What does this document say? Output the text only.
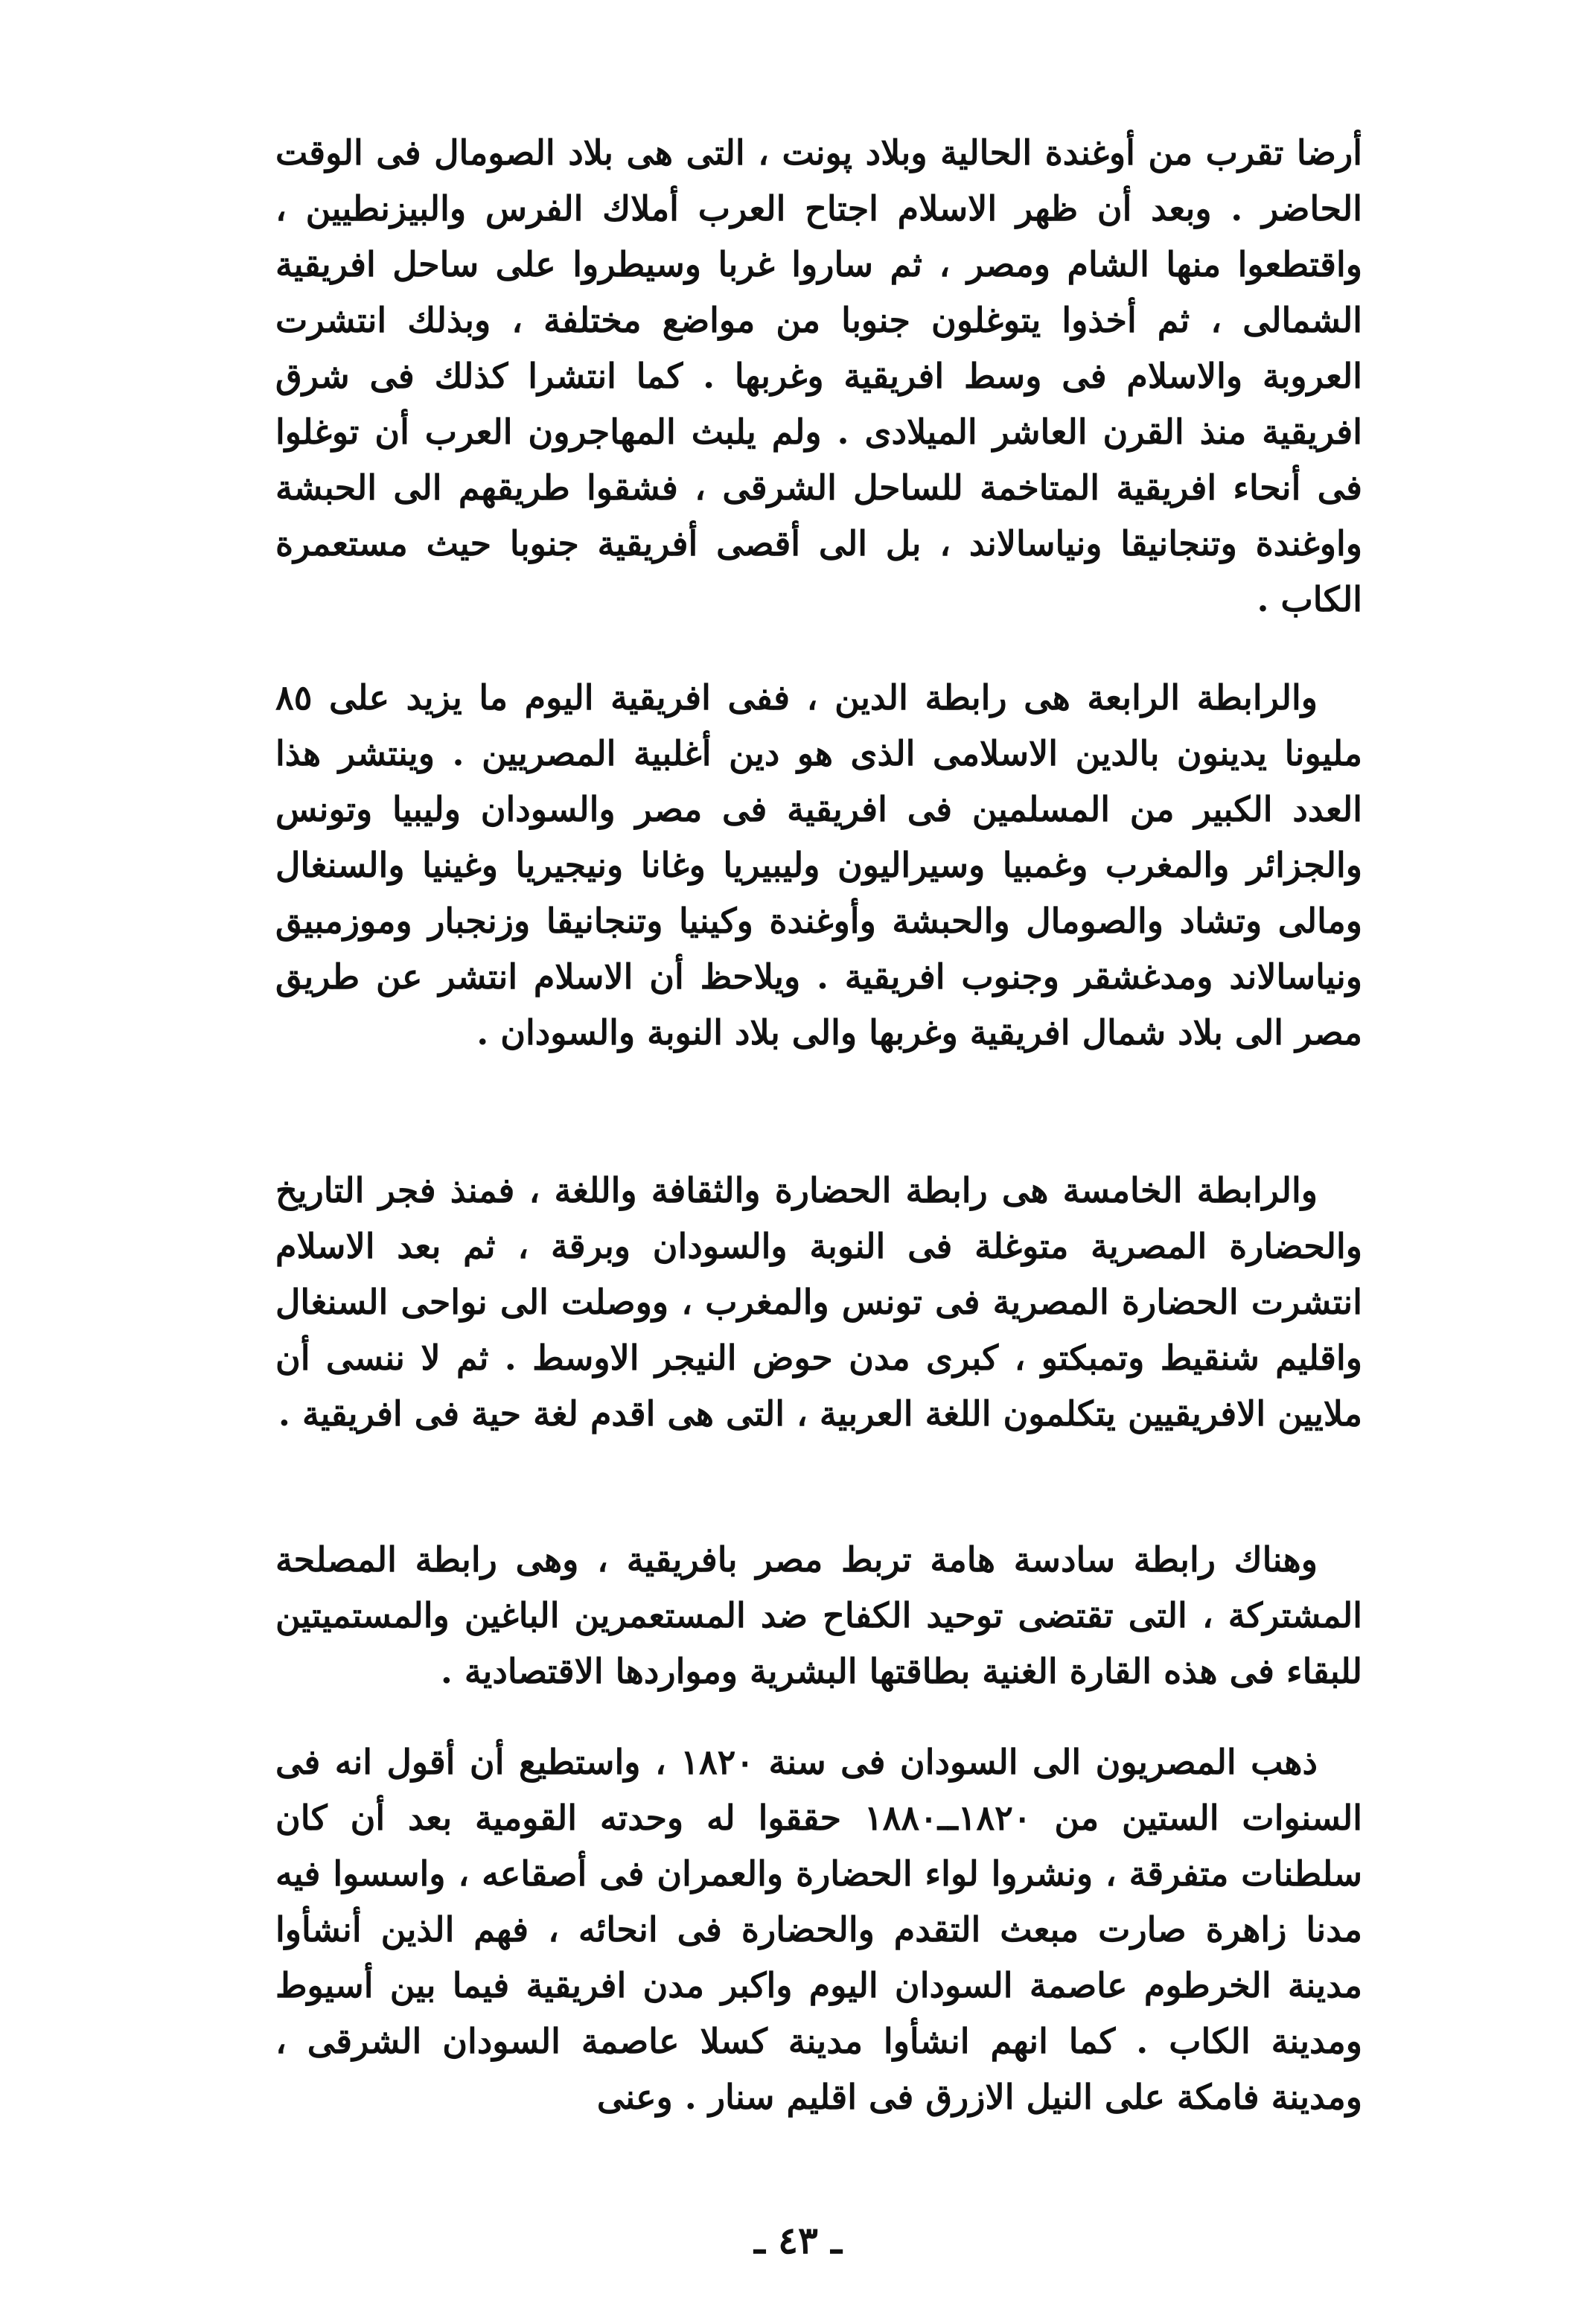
أرضا تقرب من أوغندة الحالية وبلاد پونت ، التى هى بلاد الصومال فى الوقت الحاضر . وبعد أن ظهر الاسلام اجتاح العرب أملاك الفرس والبيزنطيين ، واقتطعوا منها الشام ومصر ، ثم ساروا غربا وسيطروا على ساحل افريقية الشمالى ، ثم أخذوا يتوغلون جنوبا من مواضع مختلفة ، وبذلك انتشرت العروبة والاسلام فى وسط افريقية وغربها . كما انتشرا كذلك فى شرق افريقية منذ القرن العاشر الميلادى . ولم يلبث المهاجرون العرب أن توغلوا فى أنحاء افريقية المتاخمة للساحل الشرقى ، فشقوا طريقهم الى الحبشة واوغندة وتنجانيقا ونياسالاند ، بل الى أقصى أفريقية جنوبا حيث مستعمرة الكاب .

والرابطة الرابعة هى رابطة الدين ، ففى افريقية اليوم ما يزيد على ٨٥ مليونا يدينون بالدين الاسلامى الذى هو دين أغلبية المصريين . وينتشر هذا العدد الكبير من المسلمين فى افريقية فى مصر والسودان وليبيا وتونس والجزائر والمغرب وغمبيا وسيراليون وليبيريا وغانا ونيجيريا وغينيا والسنغال ومالى وتشاد والصومال والحبشة وأوغندة وكينيا وتنجانيقا وزنجبار وموزمبيق ونياسالاند ومدغشقر وجنوب افريقية . ويلاحظ أن الاسلام انتشر عن طريق مصر الى بلاد شمال افريقية وغربها والى بلاد النوبة والسودان .

والرابطة الخامسة هى رابطة الحضارة والثقافة واللغة ، فمنذ فجر التاريخ والحضارة المصرية متوغلة فى النوبة والسودان وبرقة ، ثم بعد الاسلام انتشرت الحضارة المصرية فى تونس والمغرب ، ووصلت الى نواحى السنغال واقليم شنقيط وتمبكتو ، كبرى مدن حوض النيجر الاوسط . ثم لا ننسى أن ملايين الافريقيين يتكلمون اللغة العربية ، التى هى اقدم لغة حية فى افريقية .

وهناك رابطة سادسة هامة تربط مصر بافريقية ، وهى رابطة المصلحة المشتركة ، التى تقتضى توحيد الكفاح ضد المستعمرين الباغين والمستميتين للبقاء فى هذه القارة الغنية بطاقتها البشرية ومواردها الاقتصادية .

ذهب المصريون الى السودان فى سنة ١٨٢٠ ، واستطيع أن أقول انه فى السنوات الستين من ١٨٢٠ــ١٨٨٠ حققوا له وحدته القومية بعد أن كان سلطنات متفرقة ، ونشروا لواء الحضارة والعمران فى أصقاعه ، واسسوا فيه مدنا زاهرة صارت مبعث التقدم والحضارة فى انحائه ، فهم الذين أنشأوا مدينة الخرطوم عاصمة السودان اليوم واكبر مدن افريقية فيما بين أسيوط ومدينة الكاب . كما انهم انشأوا مدينة كسلا عاصمة السودان الشرقى ، ومدينة فامكة على النيل الازرق فى اقليم سنار . وعنى

ـ ٤٣ ـ
